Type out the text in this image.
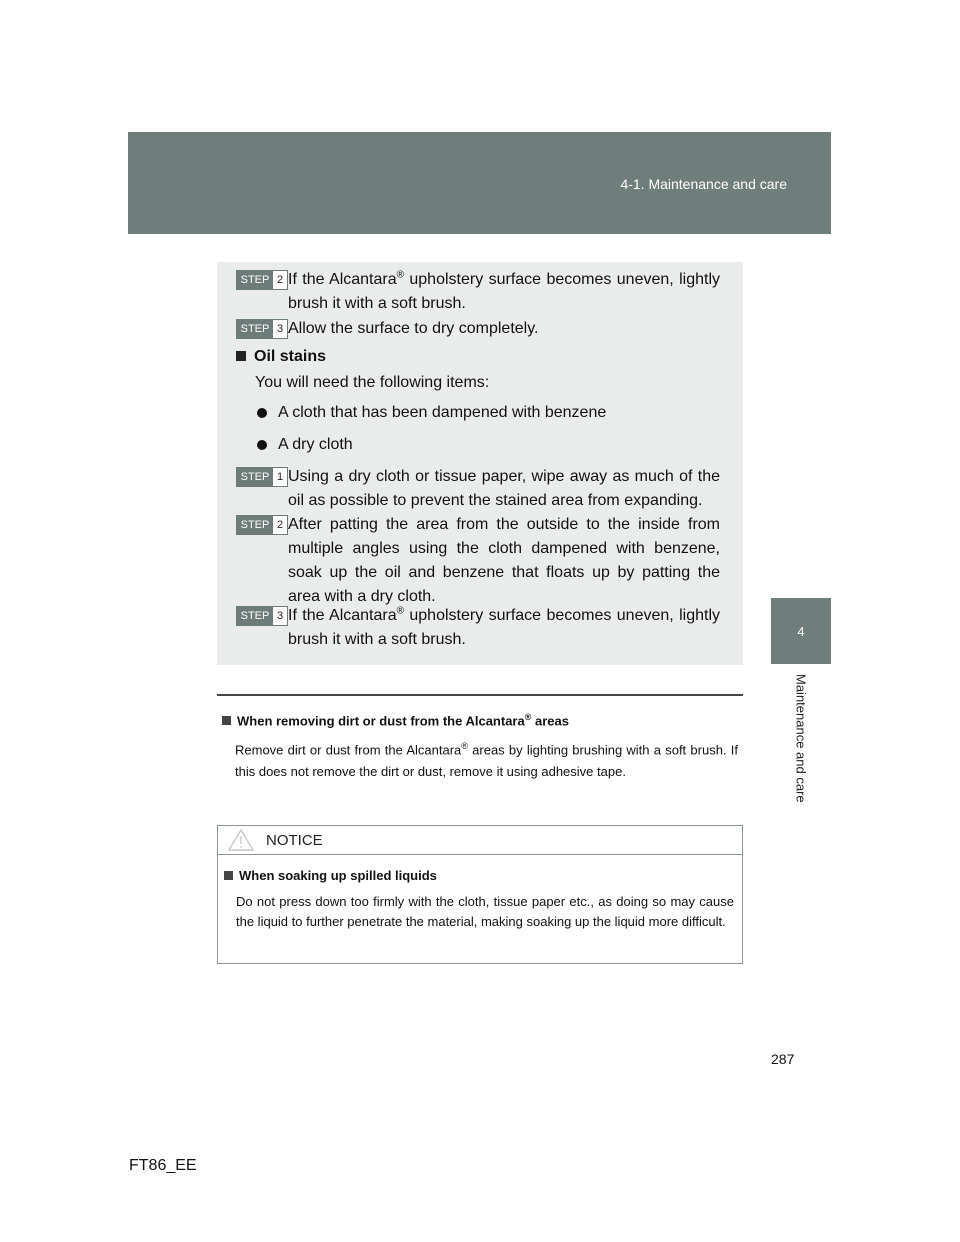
4-1. Maintenance and care
4
Maintenance and care
STEP 2 If the Alcantara® upholstery surface becomes uneven, lightly brush it with a soft brush.
STEP 3 Allow the surface to dry completely.
Oil stains
You will need the following items:
A cloth that has been dampened with benzene
A dry cloth
STEP 1 Using a dry cloth or tissue paper, wipe away as much of the oil as possible to prevent the stained area from expanding.
STEP 2 After patting the area from the outside to the inside from multiple angles using the cloth dampened with benzene, soak up the oil and benzene that floats up by patting the area with a dry cloth.
STEP 3 If the Alcantara® upholstery surface becomes uneven, lightly brush it with a soft brush.
When removing dirt or dust from the Alcantara® areas
Remove dirt or dust from the Alcantara® areas by lighting brushing with a soft brush. If this does not remove the dirt or dust, remove it using adhesive tape.
NOTICE
When soaking up spilled liquids
Do not press down too firmly with the cloth, tissue paper etc., as doing so may cause the liquid to further penetrate the material, making soaking up the liquid more difficult.
287
FT86_EE
